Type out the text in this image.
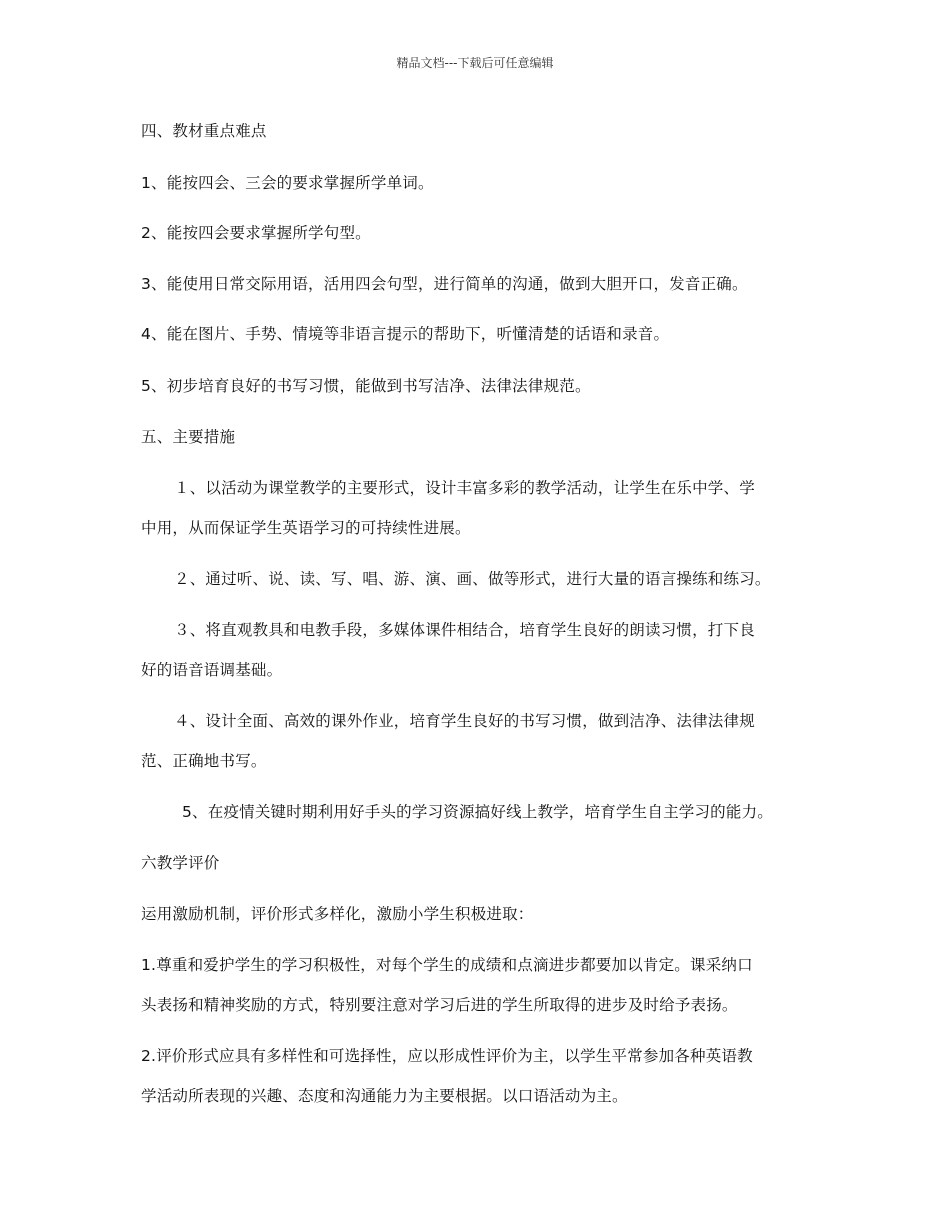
精品文档---下载后可任意编辑
四、教材重点难点
1、能按四会、三会的要求掌握所学单词。
2、能按四会要求掌握所学句型。
3、能使用日常交际用语，活用四会句型，进行简单的沟通，做到大胆开口，发音正确。
4、能在图片、手势、情境等非语言提示的帮助下，听懂清楚的话语和录音。
5、初步培育良好的书写习惯，能做到书写洁净、法律法律规范。
五、主要措施
１、以活动为课堂教学的主要形式，设计丰富多彩的教学活动，让学生在乐中学、学
中用，从而保证学生英语学习的可持续性进展。
２、通过听、说、读、写、唱、游、演、画、做等形式，进行大量的语言操练和练习。
３、将直观教具和电教手段，多媒体课件相结合，培育学生良好的朗读习惯，打下良
好的语音语调基础。
４、设计全面、高效的课外作业，培育学生良好的书写习惯，做到洁净、法律法律规
范、正确地书写。
5、在疫情关键时期利用好手头的学习资源搞好线上教学，培育学生自主学习的能力。
六教学评价
运用激励机制，评价形式多样化，激励小学生积极进取：
1.尊重和爱护学生的学习积极性，对每个学生的成绩和点滴进步都要加以肯定。课采纳口
头表扬和精神奖励的方式，特别要注意对学习后进的学生所取得的进步及时给予表扬。
2.评价形式应具有多样性和可选择性，应以形成性评价为主，以学生平常参加各种英语教
学活动所表现的兴趣、态度和沟通能力为主要根据。以口语活动为主。
